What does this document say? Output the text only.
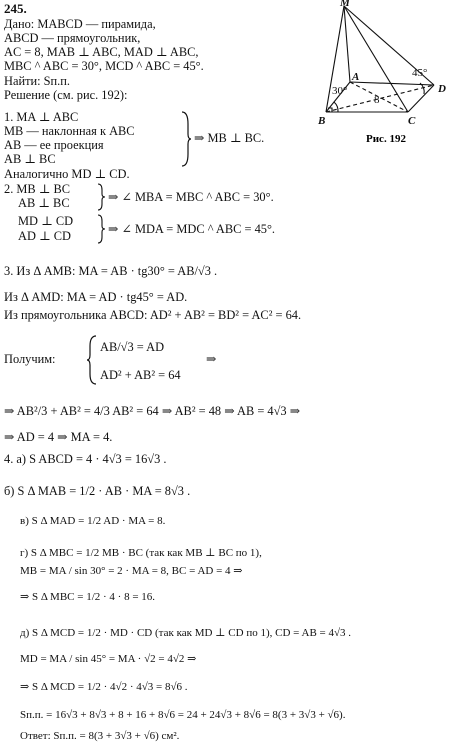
245.
Дано: MABCD — пирамида,
ABCD — прямоугольник,
AC = 8, MAB ⊥ ABC, MAD ⊥ ABC,
MBC ^ ABC = 30°, MCD ^ ABC = 45°.
Найти: Sп.п.
Решение (см. рис. 192):
M
A
B	C
D
8
30°
45°
Рис. 192
1. MA ⊥ ABC
MB — наклонная к ABC
AB — ее проекция
AB ⊥ BC
⇒ MB ⊥ BC.
Аналогично MD ⊥ CD.
2. MB ⊥ BC
AB ⊥ BC	⇒ ∠ MBA = MBC ^ ABC = 30°.
MD ⊥ CD
AD ⊥ CD	⇒ ∠ MDA = MDC ^ ABC = 45°.
3. Из Δ AMB: MA = AB · tg30° = AB/√3 .
Из Δ AMD: MA = AD · tg45° = AD.
Из прямоугольника ABCD: AD² + AB² = BD² = AC² = 64.
Получим:
AB/√3 = AD
AD² + AB² = 64
⇒
⇒ AB²/3 + AB² = 4/3 AB² = 64 ⇒ AB² = 48 ⇒ AB = 4√3 ⇒
⇒ AD = 4 ⇒ MA = 4.
4. а) S ABCD = 4 · 4√3 = 16√3 .
б) S Δ MAB = 1/2 · AB · MA = 8√3 .
в) S Δ MAD = 1/2 AD · MA = 8.
г) S Δ MBC = 1/2 MB · BC (так как MB ⊥ BC по 1),
MB = MA / sin 30° = 2 · MA = 8, BC = AD = 4 ⇒
⇒ S Δ MBC = 1/2 · 4 · 8 = 16.
д) S Δ MCD = 1/2 · MD · CD (так как MD ⊥ CD по 1), CD = AB = 4√3 .
MD = MA / sin 45° = MA · √2 = 4√2 ⇒
⇒ S Δ MCD = 1/2 · 4√2 · 4√3 = 8√6 .
Sп.п. = 16√3 + 8√3 + 8 + 16 + 8√6 = 24 + 24√3 + 8√6 = 8(3 + 3√3 + √6).
Ответ: Sп.п. = 8(3 + 3√3 + √6) см².
